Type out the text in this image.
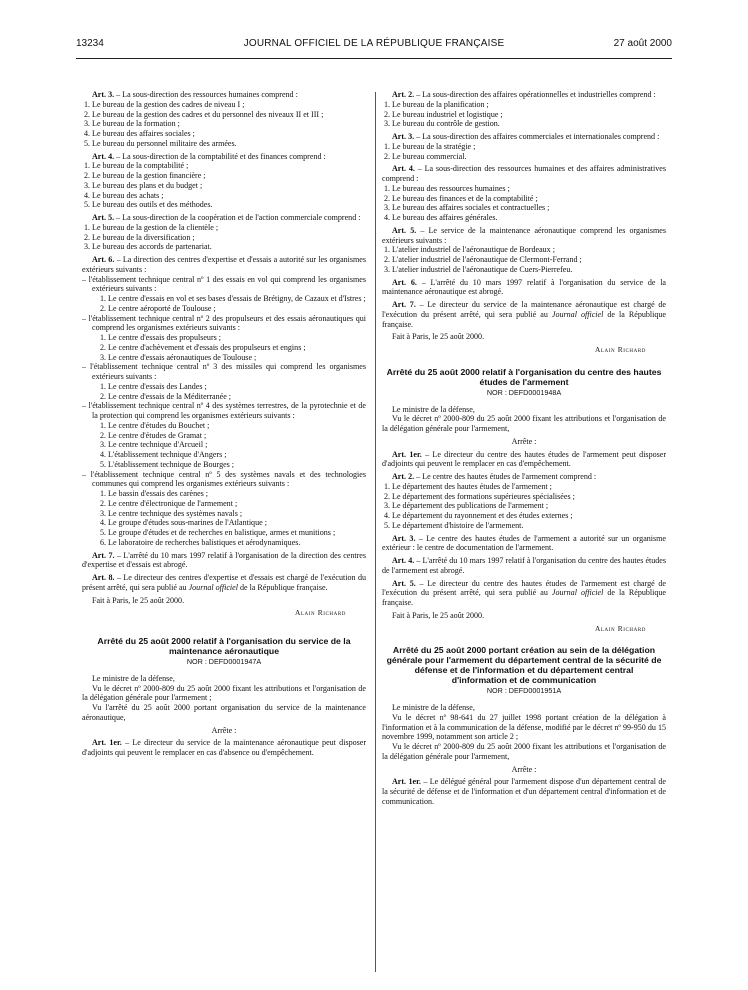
13234	JOURNAL OFFICIEL DE LA RÉPUBLIQUE FRANÇAISE	27 août 2000

Art. 3. – La sous-direction des ressources humaines comprend :

1. Le bureau de la gestion des cadres de niveau I ;

2. Le bureau de la gestion des cadres et du personnel des niveaux II et III ;

3. Le bureau de la formation ;

4. Le bureau des affaires sociales ;

5. Le bureau du personnel militaire des armées.

Art. 4. – La sous-direction de la comptabilité et des finances comprend :

1. Le bureau de la comptabilité ;

2. Le bureau de la gestion financière ;

3. Le bureau des plans et du budget ;

4. Le bureau des achats ;

5. Le bureau des outils et des méthodes.

Art. 5. – La sous-direction de la coopération et de l'action commerciale comprend :

1. Le bureau de la gestion de la clientèle ;

2. Le bureau de la diversification ;

3. Le bureau des accords de partenariat.

Art. 6. – La direction des centres d'expertise et d'essais a autorité sur les organismes extérieurs suivants :

– l'établissement technique central nº 1 des essais en vol qui comprend les organismes extérieurs suivants :

1. Le centre d'essais en vol et ses bases d'essais de Brétigny, de Cazaux et d'Istres ;

2. Le centre aéroporté de Toulouse ;

– l'établissement technique central nº 2 des propulseurs et des essais aéronautiques qui comprend les organismes extérieurs suivants :

1. Le centre d'essais des propulseurs ;

2. Le centre d'achèvement et d'essais des propulseurs et engins ;

3. Le centre d'essais aéronautiques de Toulouse ;

– l'établissement technique central nº 3 des missiles qui comprend les organismes extérieurs suivants :

1. Le centre d'essais des Landes ;

2. Le centre d'essais de la Méditerranée ;

– l'établissement technique central nº 4 des systèmes terrestres, de la pyrotechnie et de la protection qui comprend les organismes extérieurs suivants :

1. Le centre d'études du Bouchet ;

2. Le centre d'études de Gramat ;

3. Le centre technique d'Arcueil ;

4. L'établissement technique d'Angers ;

5. L'établissement technique de Bourges ;

– l'établissement technique central nº 5 des systèmes navals et des technologies communes qui comprend les organismes extérieurs suivants :

1. Le bassin d'essais des carènes ;

2. Le centre d'électronique de l'armement ;

3. Le centre technique des systèmes navals ;

4. Le groupe d'études sous-marines de l'Atlantique ;

5. Le groupe d'études et de recherches en balistique, armes et munitions ;

6. Le laboratoire de recherches balistiques et aérodynamiques.

Art. 7. – L'arrêté du 10 mars 1997 relatif à l'organisation de la direction des centres d'expertise et d'essais est abrogé.

Art. 8. – Le directeur des centres d'expertise et d'essais est chargé de l'exécution du présent arrêté, qui sera publié au Journal officiel de la République française.

Fait à Paris, le 25 août 2000.

Alain Richard

Arrêté du 25 août 2000 relatif à l'organisation du service de la maintenance aéronautique

NOR : DEFD0001947A

Le ministre de la défense,

Vu le décret nº 2000-809 du 25 août 2000 fixant les attributions et l'organisation de la délégation générale pour l'armement ;

Vu l'arrêté du 25 août 2000 portant organisation du service de la maintenance aéronautique,

Arrête :

Art. 1er. – Le directeur du service de la maintenance aéronautique peut disposer d'adjoints qui peuvent le remplacer en cas d'absence ou d'empêchement.

Art. 2. – La sous-direction des affaires opérationnelles et industrielles comprend :

1. Le bureau de la planification ;

2. Le bureau industriel et logistique ;

3. Le bureau du contrôle de gestion.

Art. 3. – La sous-direction des affaires commerciales et internationales comprend :

1. Le bureau de la stratégie ;

2. Le bureau commercial.

Art. 4. – La sous-direction des ressources humaines et des affaires administratives comprend :

1. Le bureau des ressources humaines ;

2. Le bureau des finances et de la comptabilité ;

3. Le bureau des affaires sociales et contractuelles ;

4. Le bureau des affaires générales.

Art. 5. – Le service de la maintenance aéronautique comprend les organismes extérieurs suivants :

1. L'atelier industriel de l'aéronautique de Bordeaux ;

2. L'atelier industriel de l'aéronautique de Clermont-Ferrand ;

3. L'atelier industriel de l'aéronautique de Cuers-Pierrefeu.

Art. 6. – L'arrêté du 10 mars 1997 relatif à l'organisation du service de la maintenance aéronautique est abrogé.

Art. 7. – Le directeur du service de la maintenance aéronautique est chargé de l'exécution du présent arrêté, qui sera publié au Journal officiel de la République française.

Fait à Paris, le 25 août 2000.

Alain Richard

Arrêté du 25 août 2000 relatif à l'organisation du centre des hautes études de l'armement

NOR : DEFD0001948A

Le ministre de la défense,

Vu le décret nº 2000-809 du 25 août 2000 fixant les attributions et l'organisation de la délégation générale pour l'armement,

Arrête :

Art. 1er. – Le directeur du centre des hautes études de l'armement peut disposer d'adjoints qui peuvent le remplacer en cas d'empêchement.

Art. 2. – Le centre des hautes études de l'armement comprend :

1. Le département des hautes études de l'armement ;

2. Le département des formations supérieures spécialisées ;

3. Le département des publications de l'armement ;

4. Le département du rayonnement et des études externes ;

5. Le département d'histoire de l'armement.

Art. 3. – Le centre des hautes études de l'armement a autorité sur un organisme extérieur : le centre de documentation de l'armement.

Art. 4. – L'arrêté du 10 mars 1997 relatif à l'organisation du centre des hautes études de l'armement est abrogé.

Art. 5. – Le directeur du centre des hautes études de l'armement est chargé de l'exécution du présent arrêté, qui sera publié au Journal officiel de la République française.

Fait à Paris, le 25 août 2000.

Alain Richard

Arrêté du 25 août 2000 portant création au sein de la délégation générale pour l'armement du département central de la sécurité de défense et de l'information et du département central d'information et de communication

NOR : DEFD0001951A

Le ministre de la défense,

Vu le décret nº 98-641 du 27 juillet 1998 portant création de la délégation à l'information et à la communication de la défense, modifié par le décret nº 99-950 du 15 novembre 1999, notamment son article 2 ;

Vu le décret nº 2000-809 du 25 août 2000 fixant les attributions et l'organisation de la délégation générale pour l'armement,

Arrête :

Art. 1er. – Le délégué général pour l'armement dispose d'un département central de la sécurité de défense et de l'information et d'un département central d'information et de communication.
